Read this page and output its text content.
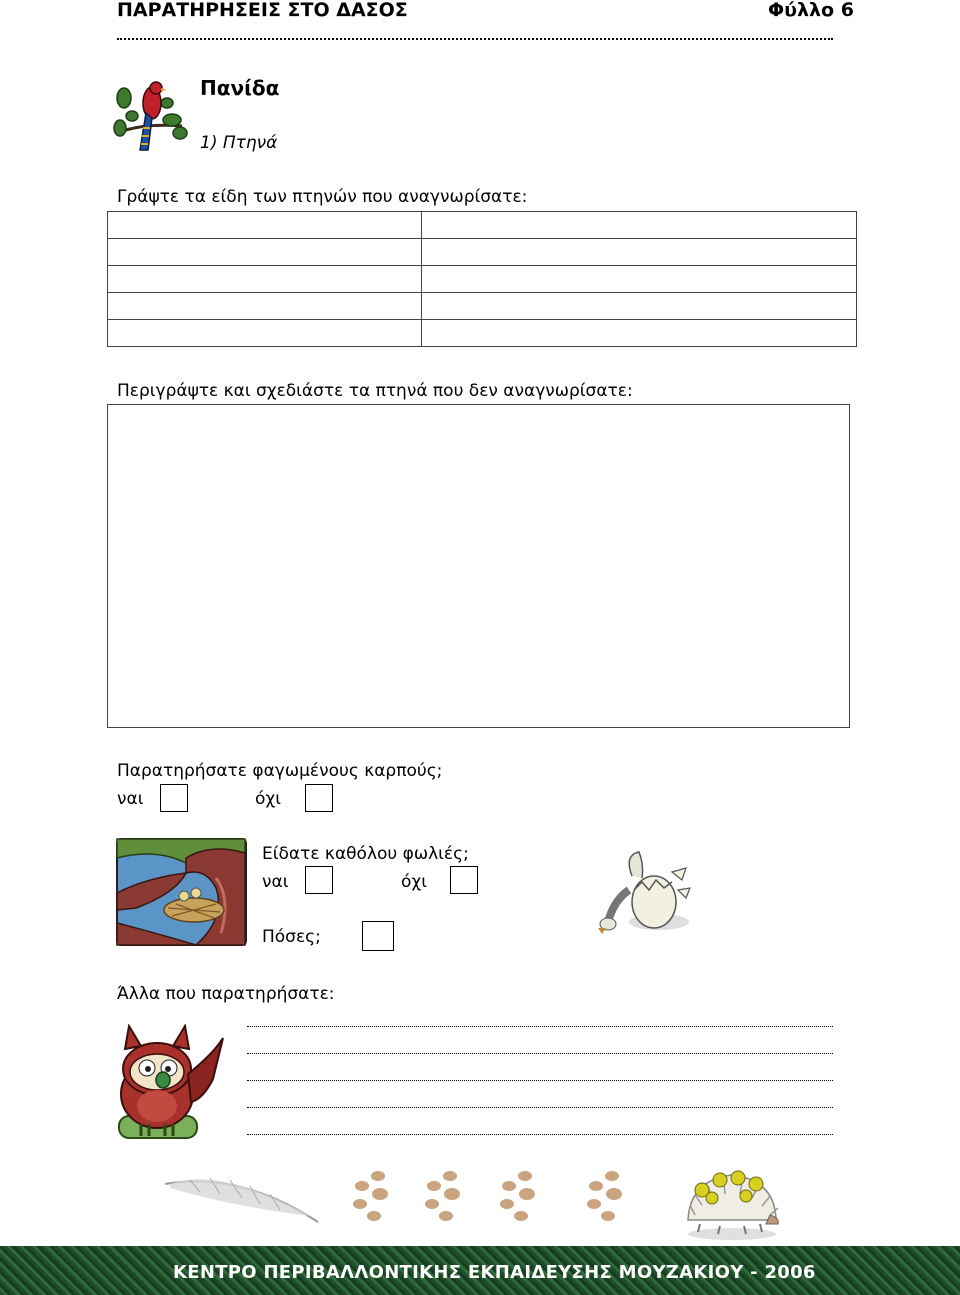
ΠΑΡΑΤΗΡΗΣΕΙΣ ΣΤΟ ΔΑΣΟΣ	Φύλλο 6
Πανίδα
1) Πτηνά
Γράψτε τα είδη των πτηνών που αναγνωρίσατε:

Περιγράψτε και σχεδιάστε τα πτηνά που δεν αναγνωρίσατε:
Παρατηρήσατε φαγωμένους καρπούς;
ναι	όχι
Είδατε καθόλου φωλιές;
ναι	όχι
Πόσες;
Άλλα που παρατηρήσατε:
ΚΕΝΤΡΟ ΠΕΡΙΒΑΛΛΟΝΤΙΚΗΣ ΕΚΠΑΙΔΕΥΣΗΣ ΜΟΥΖΑΚΙΟΥ - 2006
